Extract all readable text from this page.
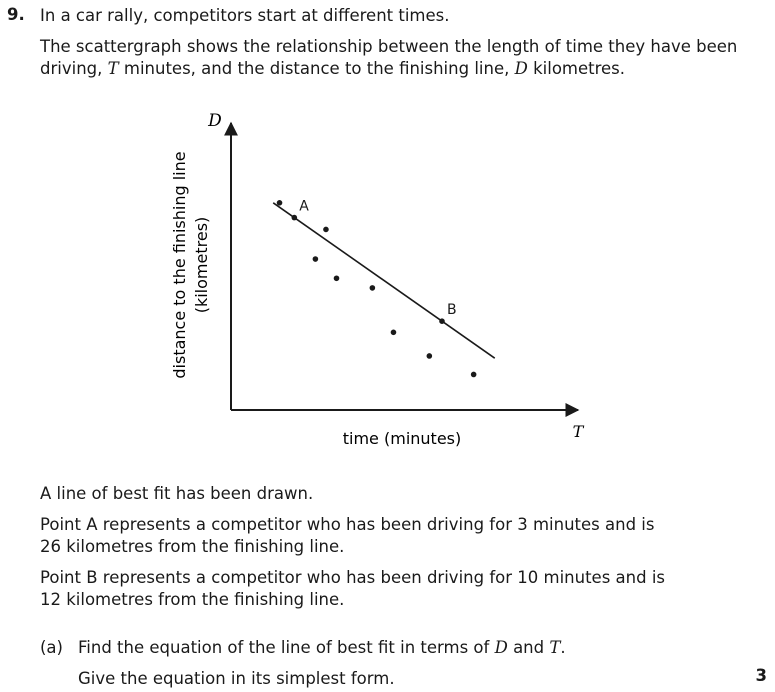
9. In a car rally, competitors start at different times.
The scattergraph shows the relationship between the length of time they have been
driving, T minutes, and the distance to the finishing line, D kilometres.
A
B
D
T
time (minutes)
distance to the finishing line (kilometres)
A line of best fit has been drawn.
Point A represents a competitor who has been driving for 3 minutes and is
26 kilometres from the finishing line.
Point B represents a competitor who has been driving for 10 minutes and is
12 kilometres from the finishing line.
(a) Find the equation of the line of best fit in terms of D and T.
Give the equation in its simplest form.	3
